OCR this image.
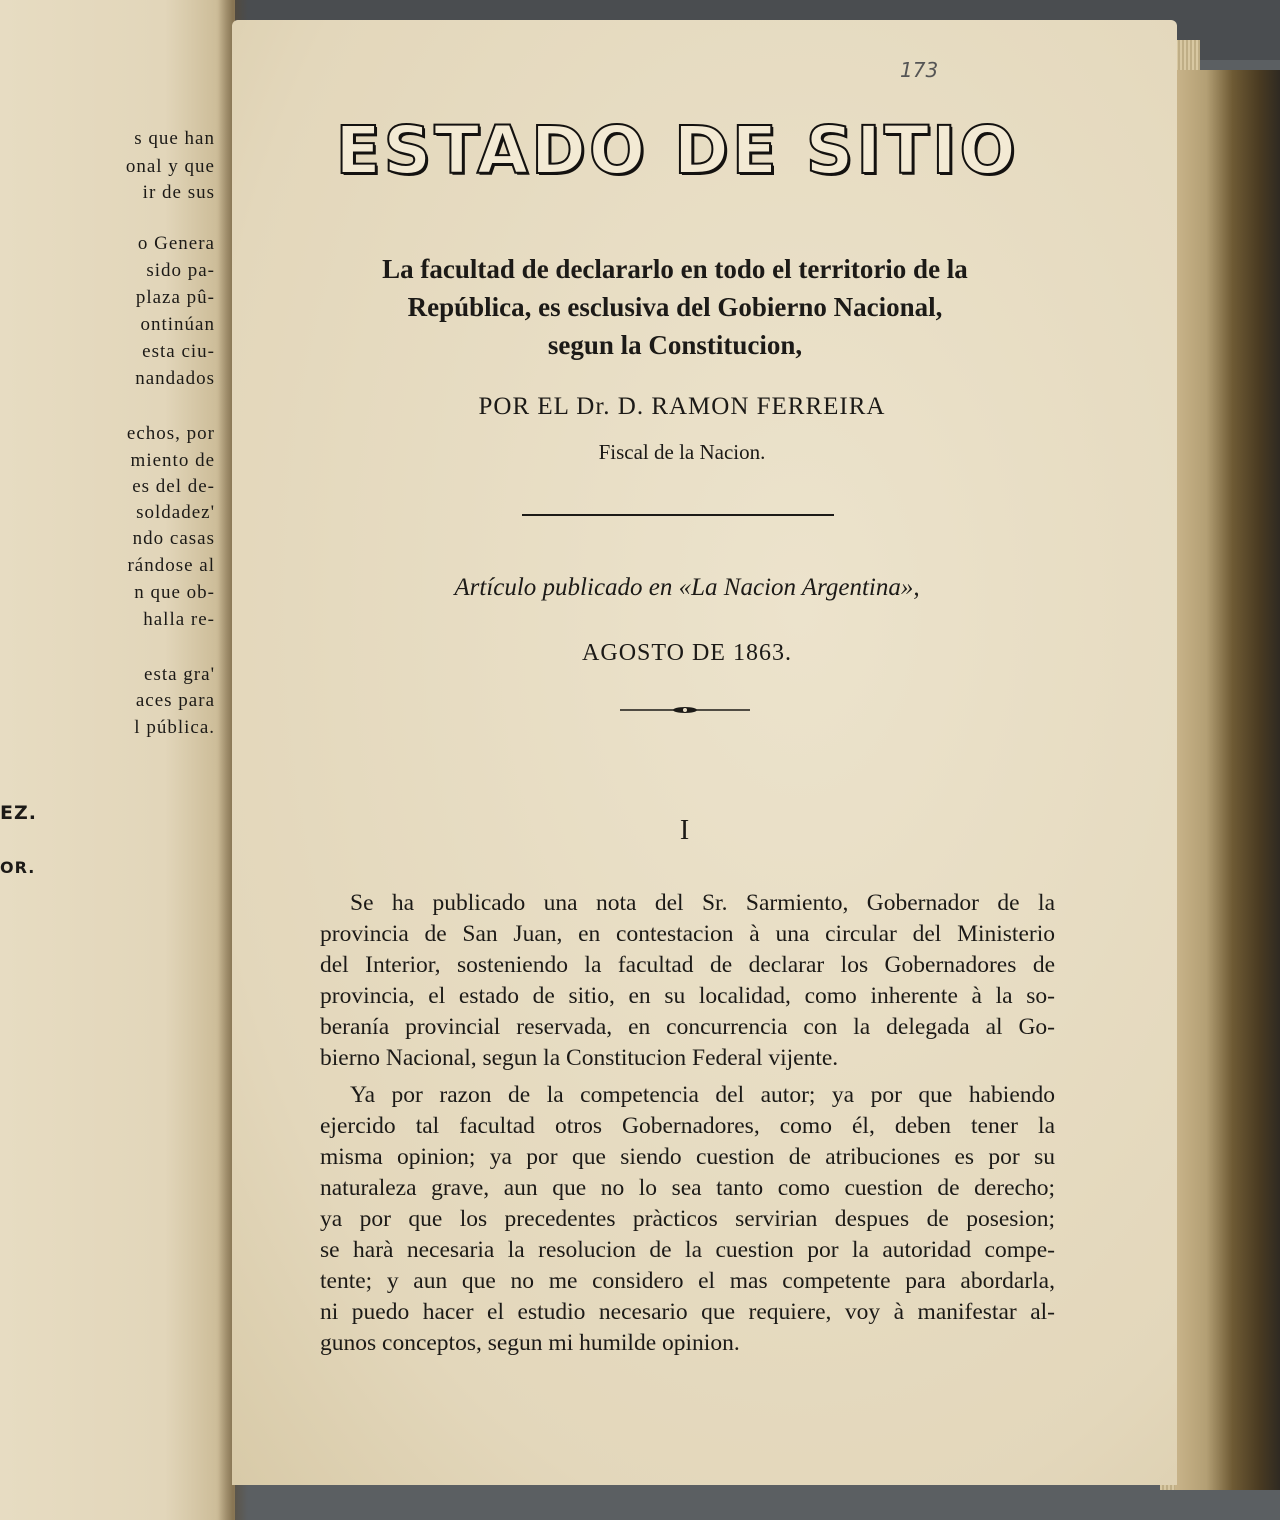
s que han
onal y que
ir de sus
o Genera
sido pa-
plaza pû-
ontinúan
esta ciu-
nandados
echos, por
miento de
es del de-
soldadez'
ndo casas
rándose al
n que ob-
halla re-
esta gra'
aces para
l pública.
EZ.
OR.
173
ESTADO DE SITIO
La facultad de declararlo en todo el territorio de la
República, es esclusiva del Gobierno Nacional,
segun la Constitucion,
POR EL Dr. D. RAMON FERREIRA
Fiscal de la Nacion.
Artículo publicado en «La Nacion Argentina»,
AGOSTO DE 1863.
I
Se ha publicado una nota del Sr. Sarmiento, Gobernador de la
provincia de San Juan, en contestacion à una circular del Ministerio
del Interior, sosteniendo la facultad de declarar los Gobernadores de
provincia, el estado de sitio, en su localidad, como inherente à la so-
beranía provincial reservada, en concurrencia con la delegada al Go-
bierno Nacional, segun la Constitucion Federal vijente.
Ya por razon de la competencia del autor; ya por que habiendo
ejercido tal facultad otros Gobernadores, como él, deben tener la
misma opinion; ya por que siendo cuestion de atribuciones es por su
naturaleza grave, aun que no lo sea tanto como cuestion de derecho;
ya por que los precedentes pràcticos servirian despues de posesion;
se harà necesaria la resolucion de la cuestion por la autoridad compe-
tente; y aun que no me considero el mas competente para abordarla,
ni puedo hacer el estudio necesario que requiere, voy à manifestar al-
gunos conceptos, segun mi humilde opinion.
